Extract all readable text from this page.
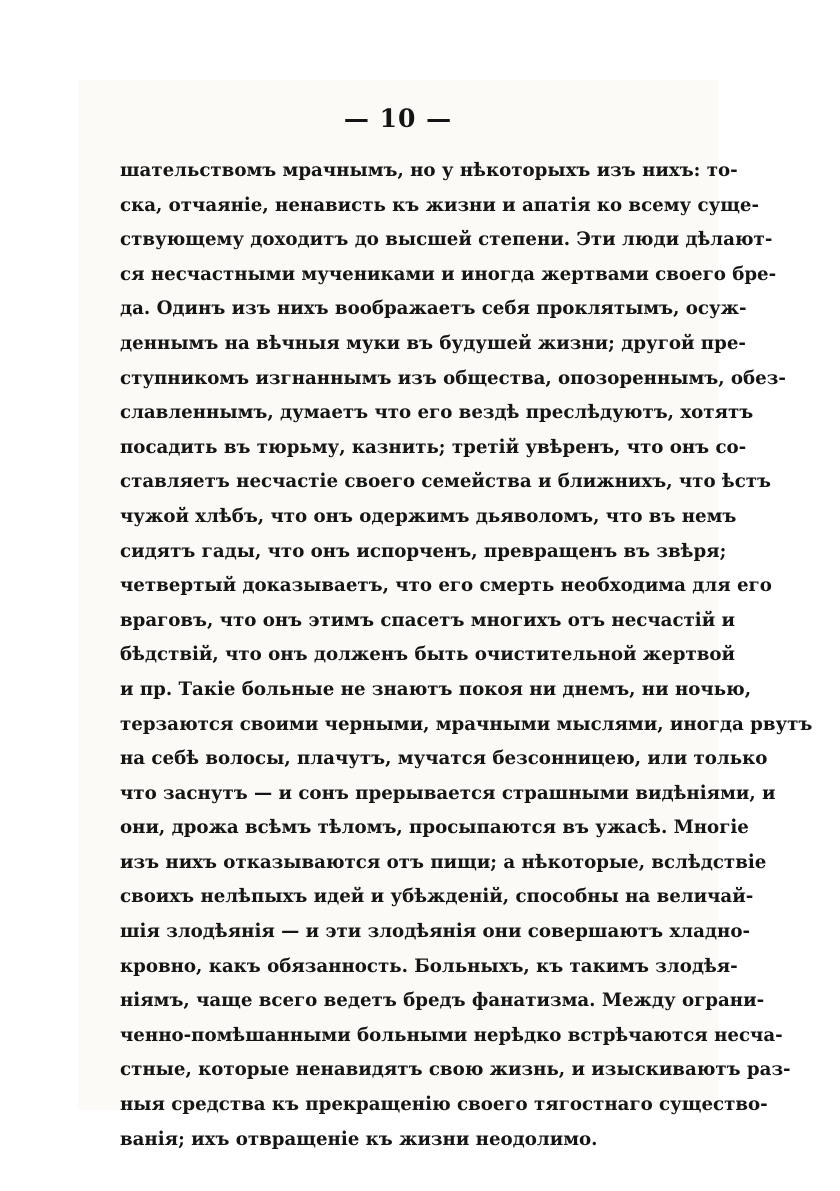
— 10 —
шательствомъ мрачнымъ, но у нѣкоторыхъ изъ нихъ: то-
ска, отчаяніе, ненависть къ жизни и апатія ко всему суще-
ствующему доходитъ до высшей степени. Эти люди дѣлают-
ся несчастными мучениками и иногда жертвами своего бре-
да. Одинъ изъ нихъ воображаетъ себя проклятымъ, осуж-
деннымъ на вѣчныя муки въ будушей жизни; другой пре-
ступникомъ изгнаннымъ изъ общества, опозореннымъ, обез-
славленнымъ, думаетъ что его вездѣ преслѣдуютъ, хотятъ
посадить въ тюрьму, казнить; третій увѣренъ, что онъ со-
ставляетъ несчастіе своего семейства и ближнихъ, что ѣстъ
чужой хлѣбъ, что онъ одержимъ дьяволомъ, что въ немъ
сидятъ гады, что онъ испорченъ, превращенъ въ звѣря;
четвертый доказываетъ, что его смерть необходима для его
враговъ, что онъ этимъ спасетъ многихъ отъ несчастій и
бѣдствій, что онъ долженъ быть очистительной жертвой
и пр. Такіе больные не знаютъ покоя ни днемъ, ни ночью,
терзаются своими черными, мрачными мыслями, иногда рвутъ
на себѣ волосы, плачутъ, мучатся безсонницею, или только
что заснутъ — и сонъ прерывается страшными видѣніями, и
они, дрожа всѣмъ тѣломъ, просыпаются въ ужасѣ. Многіе
изъ нихъ отказываются отъ пищи; а нѣкоторые, вслѣдствіе
своихъ нелѣпыхъ идей и убѣжденій, способны на величай-
шія злодѣянія — и эти злодѣянія они совершаютъ хладно-
кровно, какъ обязанность. Больныхъ, къ такимъ злодѣя-
ніямъ, чаще всего ведетъ бредъ фанатизма. Между ограни-
ченно-помѣшанными больными нерѣдко встрѣчаются несча-
стные, которые ненавидятъ свою жизнь, и изыскиваютъ раз-
ныя средства къ прекращенію своего тягостнаго существо-
ванія; ихъ отвращеніе къ жизни неодолимо.
